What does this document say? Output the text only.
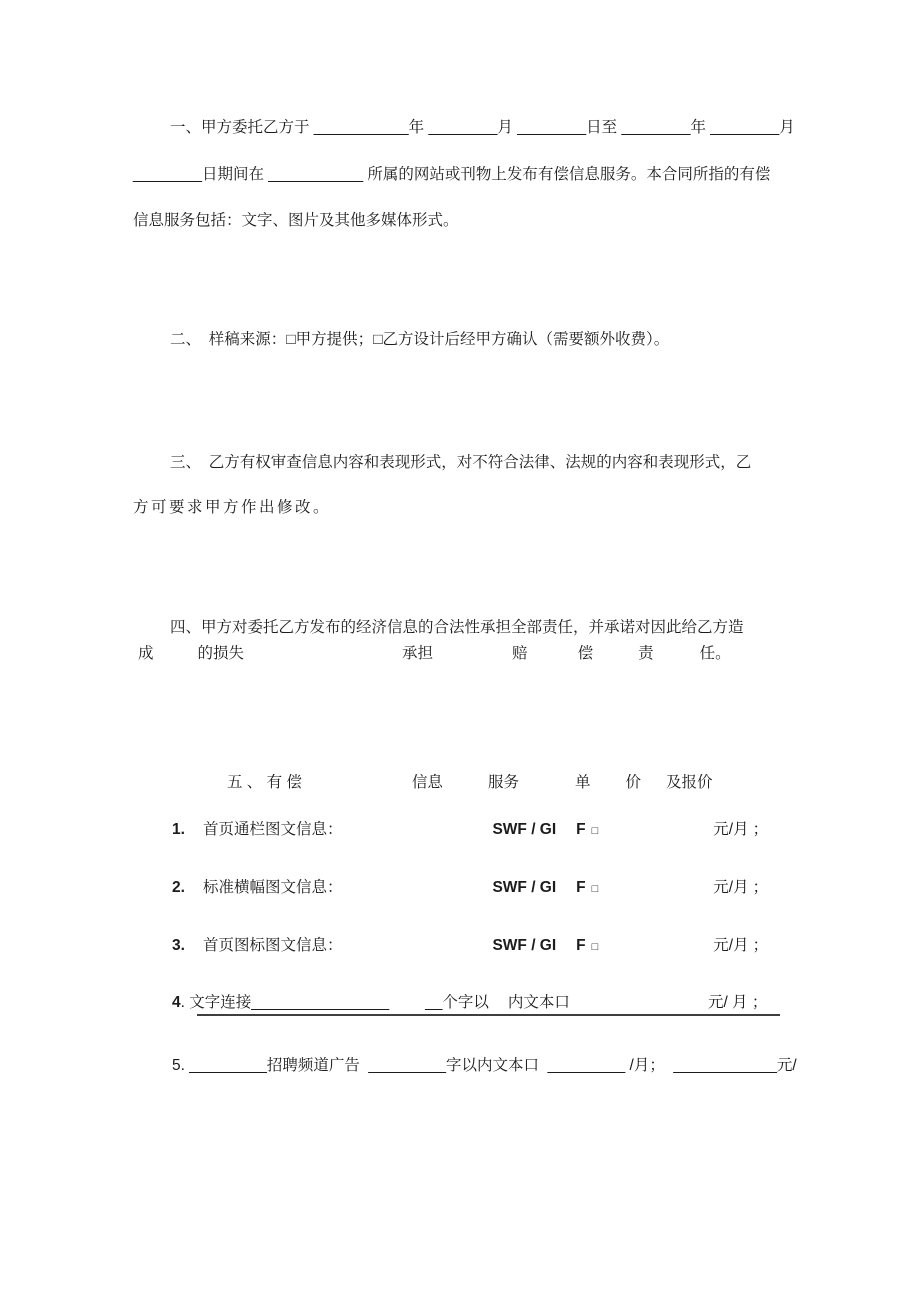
一、甲方委托乙方于 ___________年 ________月 ________日至 ________年 ________月
________日期间在 ___________ 所属的网站或刊物上发布有偿信息服务。本合同所指的有偿
信息服务包括：文字、图片及其他多媒体形式。
二、　样稿来源：□甲方提供；□乙方设计后经甲方确认（需要额外收费）。
三、　乙方有权审查信息内容和表现形式，对不符合法律、法规的内容和表现形式，乙
方可要求甲方作出修改。
四、甲方对委托乙方发布的经济信息的合法性承担全部责任，并承诺对因此给乙方造
成	的损失	承担	赔	偿	责	任。
五 、 有 偿	信息	服务	单 价 及报价
1. 首页通栏图文信息：	SWF / GI F □	元/月 ；
2. 标准横幅图文信息：	SWF / GI F □	元/月 ；
3. 首页图标图文信息：	SWF / GI F □	元/月 ；
4. 文字连接________________ __个字以 内文本口	元/ 月 ；
5. _________招聘频道广告  _________字以内文本口  _________ /月；  ____________元/
